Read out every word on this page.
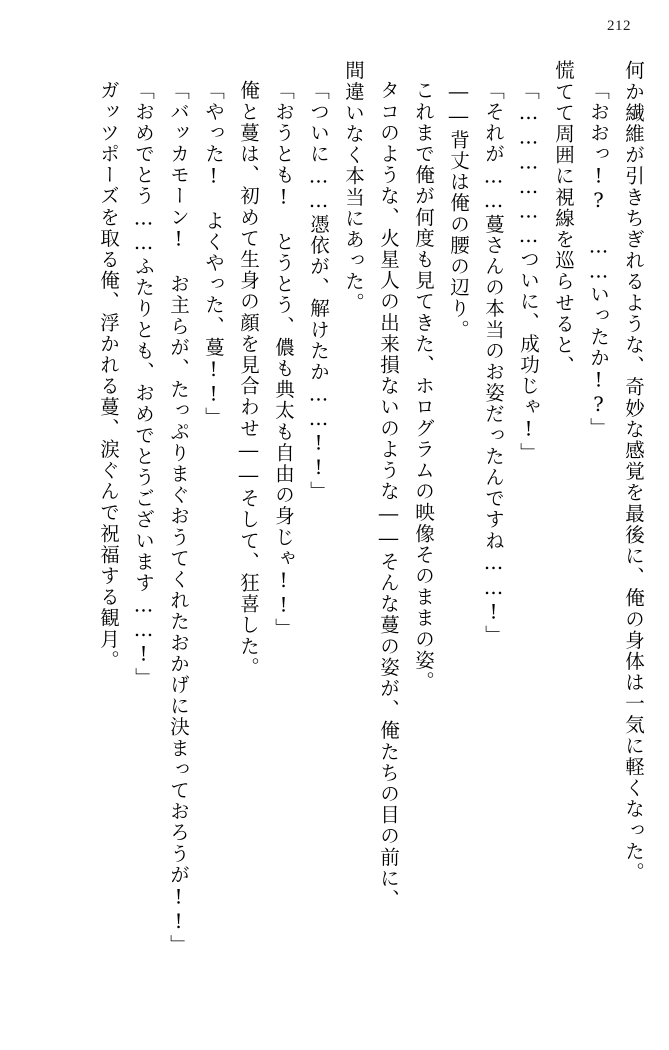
212
何か繊維が引きちぎれるような、奇妙な感覚を最後に、俺の身体は一気に軽くなった。
「おおっ!?　……いったか!?」
慌てて周囲に視線を巡らせると、
「………………ついに、成功じゃ!」
「それが……蔓さんの本当のお姿だったんですね……!」
――背丈は俺の腰の辺り。
これまで俺が何度も見てきた、ホログラムの映像そのままの姿。
タコのような、火星人の出来損ないのような――そんな蔓の姿が、俺たちの目の前に、
間違いなく本当にあった。
「ついに……憑依が、解けたか……!!」
「おうとも!　とうとう、儂も典太も自由の身じゃ!!」
俺と蔓は、初めて生身の顔を見合わせ――そして、狂喜した。
「やった!　よくやった、蔓!!」
「バッカモーン!　お主らが、たっぷりまぐおうてくれたおかげに決まっておろうが!!」
「おめでとう……ふたりとも、おめでとうございます……!」
ガッツポーズを取る俺、浮かれる蔓、涙ぐんで祝福する観月。
